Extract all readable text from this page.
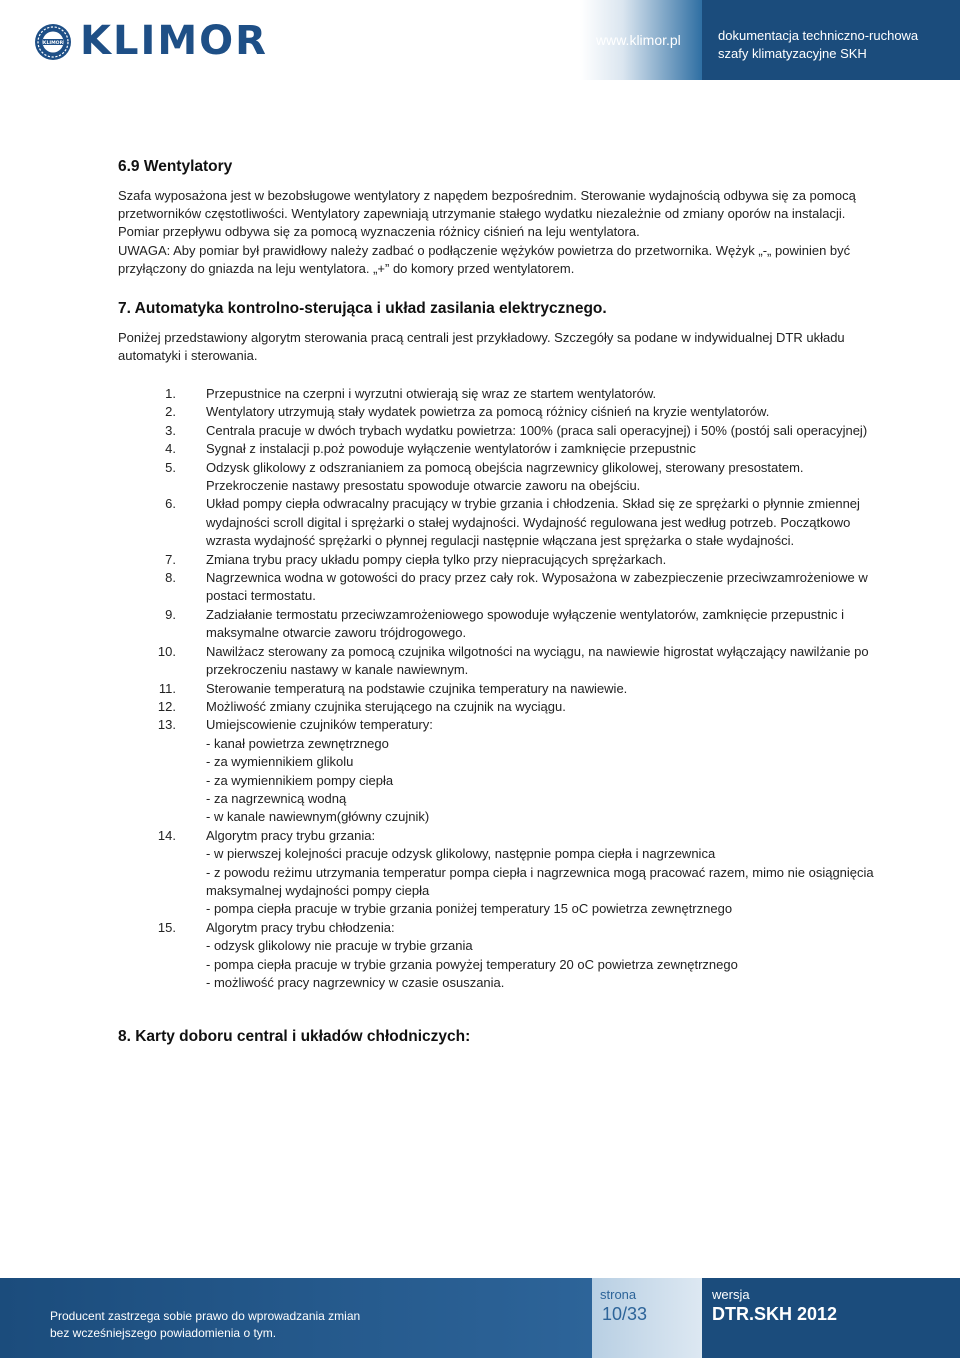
KLIMOR KLIMOR	www.klimor.pl	dokumentacja techniczno-ruchowa
szafy klimatyzacyjne SKH
6.9 Wentylatory

Szafa wyposażona jest w bezobsługowe wentylatory z napędem bezpośrednim. Sterowanie wydajnością odbywa się za pomocą
przetworników częstotliwości. Wentylatory zapewniają utrzymanie stałego wydatku niezależnie od zmiany oporów na instalacji.
Pomiar przepływu odbywa się za pomocą wyznaczenia różnicy ciśnień na leju wentylatora.

UWAGA: Aby pomiar był prawidłowy należy zadbać o podłączenie wężyków powietrza do przetwornika. Wężyk „-„ powinien być
przyłączony do gniazda na leju wentylatora. „+” do komory przed wentylatorem.

7. Automatyka kontrolno-sterująca i układ zasilania elektrycznego.

Poniżej przedstawiony algorytm sterowania pracą centrali jest przykładowy. Szczegóły sa podane w indywidualnej DTR układu
automatyki i sterowania.

1. Przepustnice na czerpni i wyrzutni otwierają się wraz ze startem wentylatorów.
2. Wentylatory utrzymują stały wydatek powietrza za pomocą różnicy ciśnień na kryzie wentylatorów.
3. Centrala pracuje w dwóch trybach wydatku powietrza: 100% (praca sali operacyjnej) i 50% (postój sali operacyjnej)
4. Sygnał z instalacji p.poż powoduje wyłączenie wentylatorów i zamknięcie przepustnic
5. Odzysk glikolowy z odszranianiem za pomocą obejścia nagrzewnicy glikolowej, sterowany presostatem.
Przekroczenie nastawy presostatu spowoduje otwarcie zaworu na obejściu.
6. Układ pompy ciepła odwracalny pracujący w trybie grzania i chłodzenia. Skład się ze sprężarki o płynnie zmiennej
wydajności scroll digital i sprężarki o stałej wydajności. Wydajność regulowana jest według potrzeb. Początkowo
wzrasta wydajność sprężarki o płynnej regulacji następnie włączana jest sprężarka o stałe wydajności.
7. Zmiana trybu pracy układu pompy ciepła tylko przy niepracujących sprężarkach.
8. Nagrzewnica wodna w gotowości do pracy przez cały rok. Wyposażona w zabezpieczenie przeciwzamrożeniowe w
postaci termostatu.
9. Zadziałanie termostatu przeciwzamrożeniowego spowoduje wyłączenie wentylatorów, zamknięcie przepustnic i
maksymalne otwarcie zaworu trójdrogowego.
10. Nawilżacz sterowany za pomocą czujnika wilgotności na wyciągu, na nawiewie higrostat wyłączający nawilżanie po
przekroczeniu nastawy w kanale nawiewnym.
11. Sterowanie temperaturą na podstawie czujnika temperatury na nawiewie.
12. Możliwość zmiany czujnika sterującego na czujnik na wyciągu.
13. Umiejscowienie czujników temperatury:
- kanał powietrza zewnętrznego
- za wymiennikiem glikolu
- za wymiennikiem pompy ciepła
- za nagrzewnicą wodną
- w kanale nawiewnym(główny czujnik)
14. Algorytm pracy trybu grzania:
- w pierwszej kolejności pracuje odzysk glikolowy, następnie pompa ciepła i nagrzewnica
- z powodu reżimu utrzymania temperatur pompa ciepła i nagrzewnica mogą pracować razem, mimo nie osiągnięcia
maksymalnej wydajności pompy ciepła
- pompa ciepła pracuje w trybie grzania poniżej temperatury 15 oC powietrza zewnętrznego
15. Algorytm pracy trybu chłodzenia:
- odzysk glikolowy nie pracuje w trybie grzania
- pompa ciepła pracuje w trybie grzania powyżej temperatury 20 oC powietrza zewnętrznego
- możliwość pracy nagrzewnicy w czasie osuszania.
8. Karty doboru central i układów chłodniczych:
Producent zastrzega sobie prawo do wprowadzania zmian
bez wcześniejszego powiadomienia o tym.
strona
10/33
wersja
DTR.SKH 2012
